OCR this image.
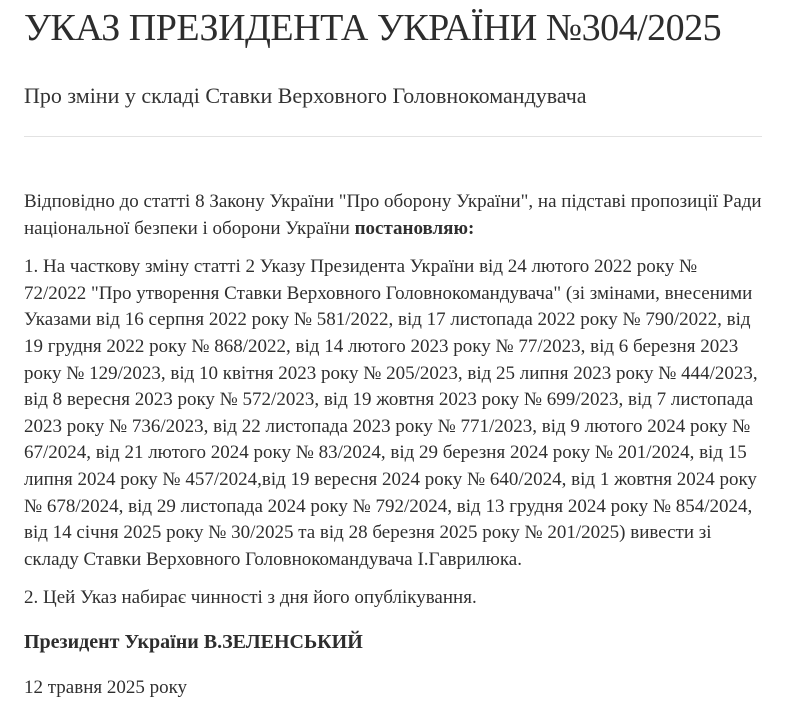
УКАЗ ПРЕЗИДЕНТА УКРАЇНИ №304/2025
Про зміни у складі Ставки Верховного Головнокомандувача

Відповідно до статті 8 Закону України "Про оборону України", на підставі пропозиції Ради національної безпеки і оборони України постановляю:

1. На часткову зміну статті 2 Указу Президента України від 24 лютого 2022 року № 72/2022 "Про утворення Ставки Верховного Головнокомандувача" (зі змінами, внесеними Указами від 16 серпня 2022 року № 581/2022, від 17 листопада 2022 року № 790/2022, від 19 грудня 2022 року № 868/2022, від 14 лютого 2023 року № 77/2023, від 6 березня 2023 року № 129/2023, від 10 квітня 2023 року № 205/2023, від 25 липня 2023 року № 444/2023, від 8 вересня 2023 року № 572/2023, від 19 жовтня 2023 року № 699/2023, від 7 листопада 2023 року № 736/2023, від 22 листопада 2023 року № 771/2023, від 9 лютого 2024 року № 67/2024, від 21 лютого 2024 року № 83/2024, від 29 березня 2024 року № 201/2024, від 15 липня 2024 року № 457/2024,від 19 вересня 2024 року № 640/2024, від 1 жовтня 2024 року № 678/2024, від 29 листопада 2024 року № 792/2024, від 13 грудня 2024 року № 854/2024, від 14 січня 2025 року № 30/2025 та від 28 березня 2025 року № 201/2025) вивести зі складу Ставки Верховного Головнокомандувача І.Гаврилюка.

2. Цей Указ набирає чинності з дня його опублікування.

Президент України В.ЗЕЛЕНСЬКИЙ

12 травня 2025 року
